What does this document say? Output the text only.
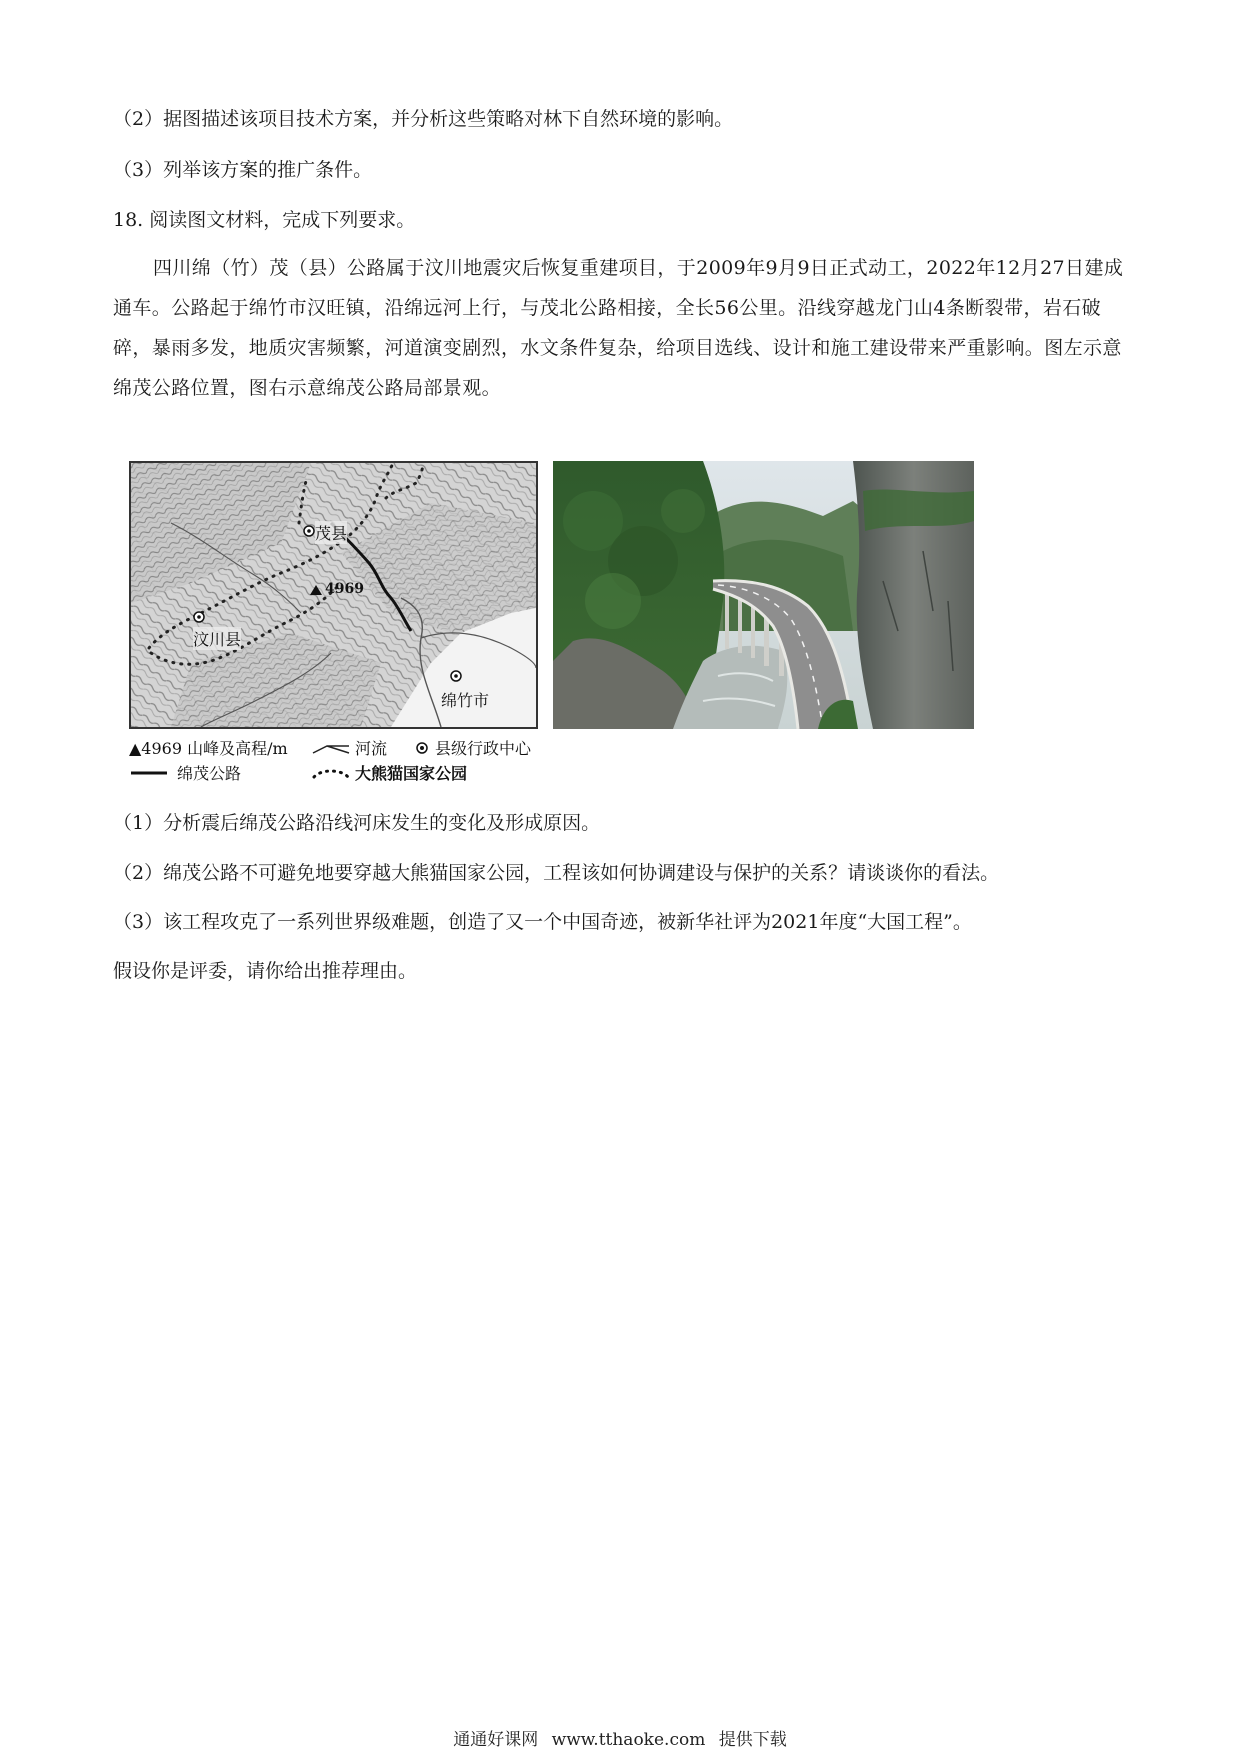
（2）据图描述该项目技术方案，并分析这些策略对林下自然环境的影响。
（3）列举该方案的推广条件。
18. 阅读图文材料，完成下列要求。
四川绵（竹）茂（县）公路属于汶川地震灾后恢复重建项目，于2009年9月9日正式动工，2022年12月27日建成通车。公路起于绵竹市汉旺镇，沿绵远河上行，与茂北公路相接，全长56公里。沿线穿越龙门山4条断裂带，岩石破碎，暴雨多发，地质灾害频繁，河道演变剧烈，水文条件复杂，给项目选线、设计和施工建设带来严重影响。图左示意绵茂公路位置，图右示意绵茂公路局部景观。
茂县
4969
汶川县
绵竹市
▲4969 山峰及高程/m	河流	县级行政中心
绵茂公路	大熊猫国家公园
（1）分析震后绵茂公路沿线河床发生的变化及形成原因。
（2）绵茂公路不可避免地要穿越大熊猫国家公园，工程该如何协调建设与保护的关系？请谈谈你的看法。
（3）该工程攻克了一系列世界级难题，创造了又一个中国奇迹，被新华社评为2021年度“大国工程”。
假设你是评委，请你给出推荐理由。
通通好课网 www.tthaoke.com 提供下载
